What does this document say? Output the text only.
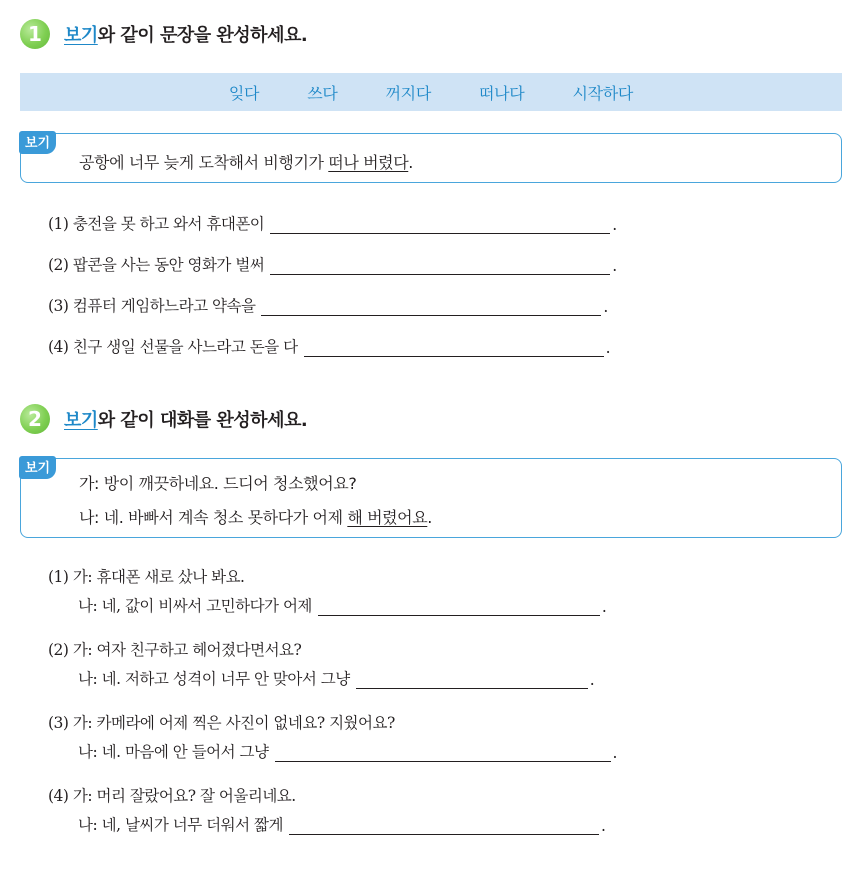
1	보기와 같이 문장을 완성하세요.
잊다	쓰다	꺼지다	떠나다	시작하다
보기
공항에 너무 늦게 도착해서 비행기가 떠나 버렸다.
(1) 충전을 못 하고 와서 휴대폰이	.
(2) 팝콘을 사는 동안 영화가 벌써	.
(3) 컴퓨터 게임하느라고 약속을	.
(4) 친구 생일 선물을 사느라고 돈을 다	.
2	보기와 같이 대화를 완성하세요.
보기
가: 방이 깨끗하네요. 드디어 청소했어요?
나: 네. 바빠서 계속 청소 못하다가 어제 해 버렸어요.
(1) 가: 휴대폰 새로 샀나 봐요.
나: 네, 값이 비싸서 고민하다가 어제	.
(2) 가: 여자 친구하고 헤어졌다면서요?
나: 네. 저하고 성격이 너무 안 맞아서 그냥	.
(3) 가: 카메라에 어제 찍은 사진이 없네요? 지웠어요?
나: 네. 마음에 안 들어서 그냥	.
(4) 가: 머리 잘랐어요? 잘 어울리네요.
나: 네, 날씨가 너무 더워서 짧게	.
